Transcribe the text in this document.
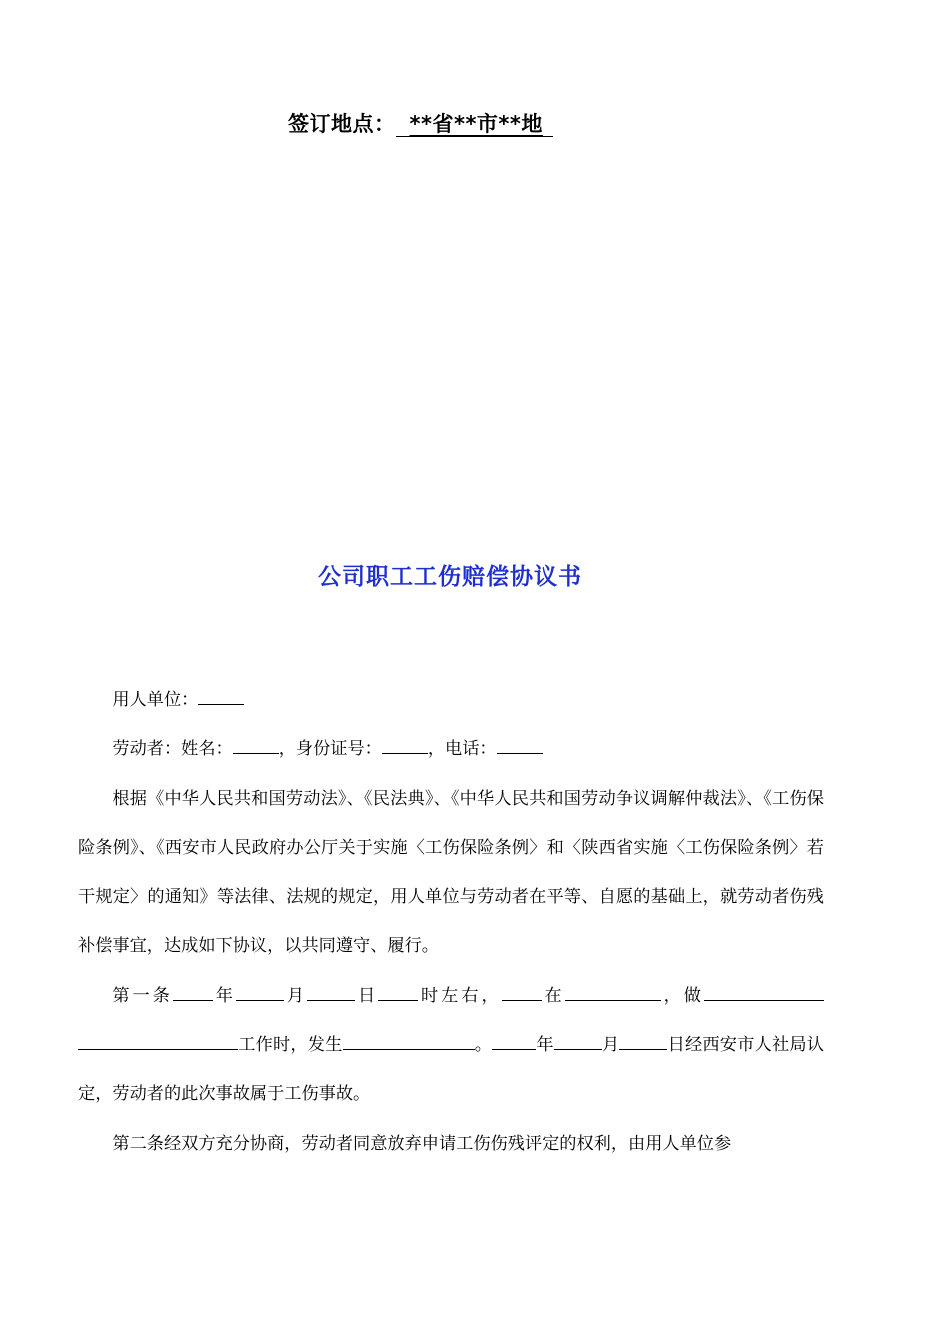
签订地点： **省**市**地
公司职工工伤赔偿协议书

用人单位：

劳动者：姓名：	，身份证号：	，电话：

根据《中华人民共和国劳动法》、《民法典》、《中华人民共和国劳动争议调解仲裁法》、《工伤保险条例》、《西安市人民政府办公厅关于实施〈工伤保险条例〉和〈陕西省实施〈工伤保险条例〉若干规定〉的通知》等法律、法规的规定，用人单位与劳动者在平等、自愿的基础上，就劳动者伤残补偿事宜，达成如下协议，以共同遵守、履行。

第一条 年	月	日 时左右， 在	，做工作时，发生	。	年	月	日经西安市人社局认定，劳动者的此次事故属于工伤事故。

第二条经双方充分协商，劳动者同意放弃申请工伤伤残评定的权利，由用人单位参
